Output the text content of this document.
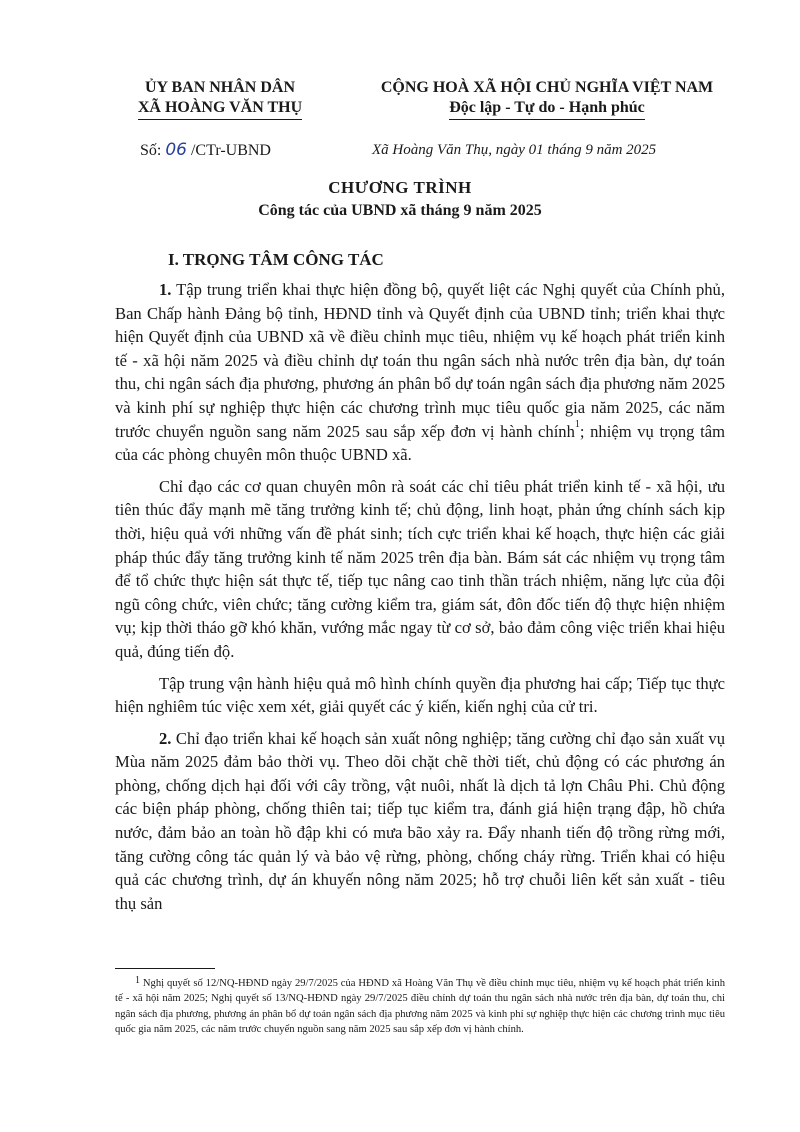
ỦY BAN NHÂN DÂN
XÃ HOÀNG VĂN THỤ
CỘNG HOÀ XÃ HỘI CHỦ NGHĨA VIỆT NAM
Độc lập - Tự do - Hạnh phúc
Số: 06 /CTr-UBND	Xã Hoàng Văn Thụ, ngày 01 tháng 9 năm 2025
CHƯƠNG TRÌNH
Công tác của UBND xã tháng 9 năm 2025
I. TRỌNG TÂM CÔNG TÁC

1. Tập trung triển khai thực hiện đồng bộ, quyết liệt các Nghị quyết của Chính phủ, Ban Chấp hành Đảng bộ tỉnh, HĐND tỉnh và Quyết định của UBND tỉnh; triển khai thực hiện Quyết định của UBND xã về điều chỉnh mục tiêu, nhiệm vụ kế hoạch phát triển kinh tế - xã hội năm 2025 và điều chỉnh dự toán thu ngân sách nhà nước trên địa bàn, dự toán thu, chi ngân sách địa phương, phương án phân bổ dự toán ngân sách địa phương năm 2025 và kinh phí sự nghiệp thực hiện các chương trình mục tiêu quốc gia năm 2025, các năm trước chuyển nguồn sang năm 2025 sau sắp xếp đơn vị hành chính$^1$; nhiệm vụ trọng tâm của các phòng chuyên môn thuộc UBND xã.

Chỉ đạo các cơ quan chuyên môn rà soát các chỉ tiêu phát triển kinh tế - xã hội, ưu tiên thúc đẩy mạnh mẽ tăng trưởng kinh tế; chủ động, linh hoạt, phản ứng chính sách kịp thời, hiệu quả với những vấn đề phát sinh; tích cực triển khai kế hoạch, thực hiện các giải pháp thúc đẩy tăng trưởng kinh tế năm 2025 trên địa bàn. Bám sát các nhiệm vụ trọng tâm để tổ chức thực hiện sát thực tế, tiếp tục nâng cao tinh thần trách nhiệm, năng lực của đội ngũ công chức, viên chức; tăng cường kiểm tra, giám sát, đôn đốc tiến độ thực hiện nhiệm vụ; kịp thời tháo gỡ khó khăn, vướng mắc ngay từ cơ sở, bảo đảm công việc triển khai hiệu quả, đúng tiến độ.

Tập trung vận hành hiệu quả mô hình chính quyền địa phương hai cấp; Tiếp tục thực hiện nghiêm túc việc xem xét, giải quyết các ý kiến, kiến nghị của cử tri.

2. Chỉ đạo triển khai kế hoạch sản xuất nông nghiệp; tăng cường chỉ đạo sản xuất vụ Mùa năm 2025 đảm bảo thời vụ. Theo dõi chặt chẽ thời tiết, chủ động có các phương án phòng, chống dịch hại đối với cây trồng, vật nuôi, nhất là dịch tả lợn Châu Phi. Chủ động các biện pháp phòng, chống thiên tai; tiếp tục kiểm tra, đánh giá hiện trạng đập, hồ chứa nước, đảm bảo an toàn hồ đập khi có mưa bão xảy ra. Đẩy nhanh tiến độ trồng rừng mới, tăng cường công tác quản lý và bảo vệ rừng, phòng, chống cháy rừng. Triển khai có hiệu quả các chương trình, dự án khuyến nông năm 2025; hỗ trợ chuỗi liên kết sản xuất - tiêu thụ sản

$^1$ Nghị quyết số 12/NQ-HĐND ngày 29/7/2025 của HĐND xã Hoàng Văn Thụ về điều chỉnh mục tiêu, nhiệm vụ kế hoạch phát triển kinh tế - xã hội năm 2025; Nghị quyết số 13/NQ-HĐND ngày 29/7/2025 điều chỉnh dự toán thu ngân sách nhà nước trên địa bàn, dự toán thu, chi ngân sách địa phương, phương án phân bổ dự toán ngân sách địa phương năm 2025 và kinh phí sự nghiệp thực hiện các chương trình mục tiêu quốc gia năm 2025, các năm trước chuyển nguồn sang năm 2025 sau sắp xếp đơn vị hành chính.
